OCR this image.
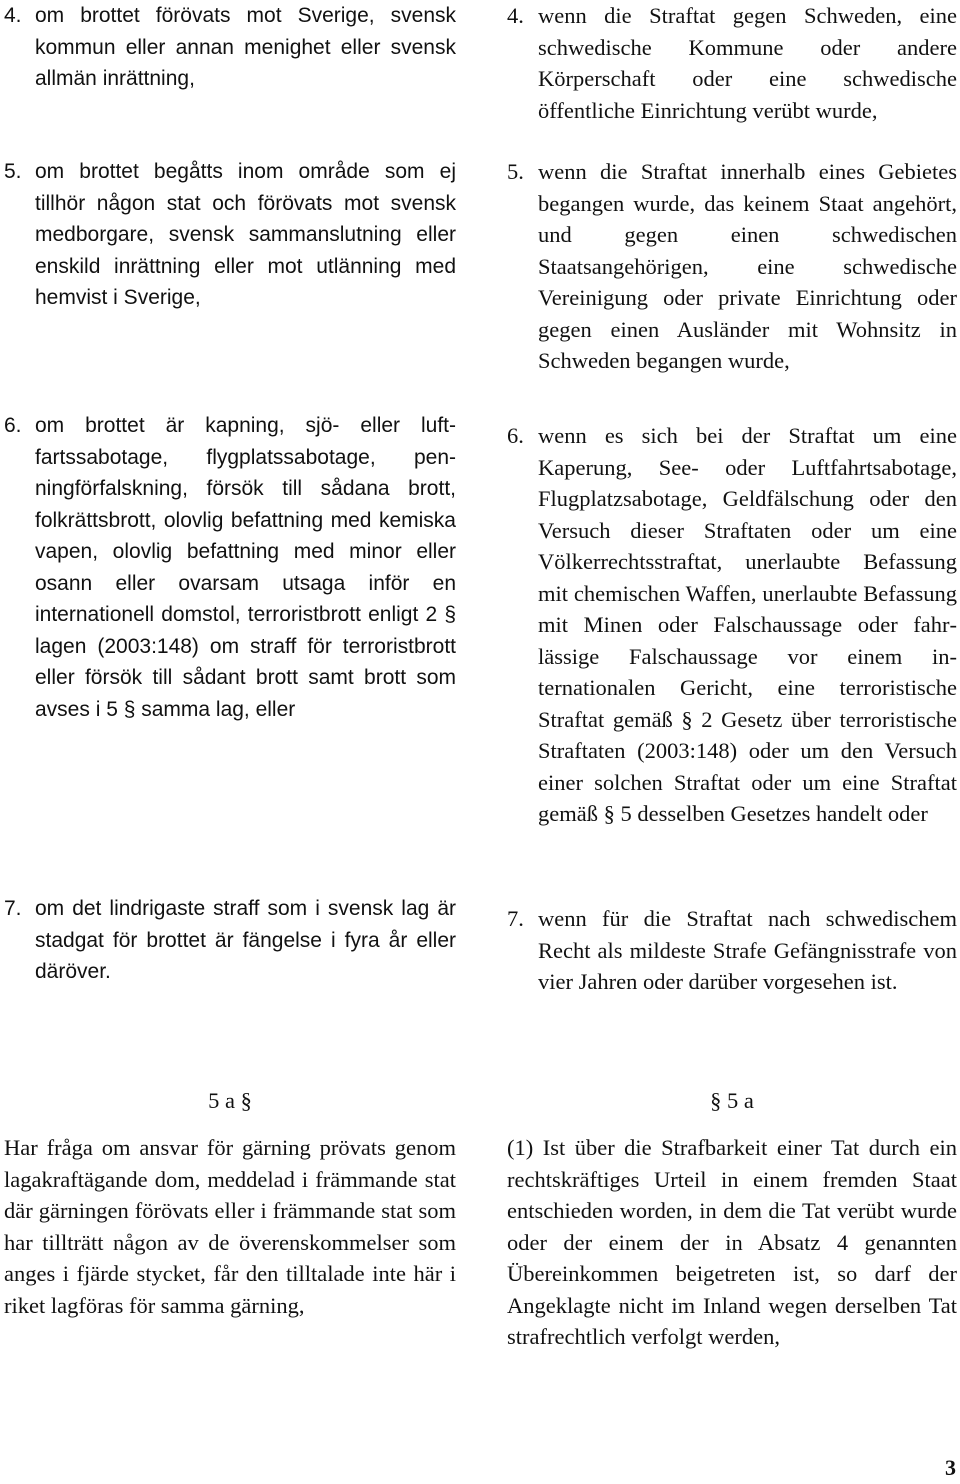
4. om brottet förövats mot Sverige, svensk kommun eller annan menighet eller svensk allmän inrättning,
5. om brottet begåtts inom område som ej tillhör någon stat och förövats mot svensk medborgare, svensk sammanslutning eller enskild inrättning eller mot utlänning med hemvist i Sverige,
6. om brottet är kapning, sjö- eller luftfartssabotage, flygplatssabotage, penningförfalskning, försök till sådana brott, folkrättsbrott, olovlig befattning med kemiska vapen, olovlig befattning med minor eller osann eller ovarsam utsaga inför en internationell domstol, terroristbrott enligt 2 § lagen (2003:148) om straff för terroristbrott eller försök till sådant brott samt brott som avses i 5 § samma lag, eller
7. om det lindrigaste straff som i svensk lag är stadgat för brottet är fängelse i fyra år eller däröver.
5 a §
Har fråga om ansvar för gärning prövats genom lagakraftägande dom, meddelad i främmande stat där gärningen förövats eller i främmande stat som har tillträtt någon av de överenskommelser som anges i fjärde stycket, får den tilltalade inte här i riket lagföras för samma gärning,
4. wenn die Straftat gegen Schweden, eine schwedische Kommune oder andere Körperschaft oder eine schwedische öffentliche Einrichtung verübt wurde,
5. wenn die Straftat innerhalb eines Gebietes begangen wurde, das keinem Staat angehört, und gegen einen schwedischen Staatsangehörigen, eine schwedische Vereinigung oder private Einrichtung oder gegen einen Ausländer mit Wohnsitz in Schweden begangen wurde,
6. wenn es sich bei der Straftat um eine Kaperung, See- oder Luftfahrtsabotage, Flugplatzsabotage, Geldfälschung oder den Versuch dieser Straftaten oder um eine Völkerrechtsstraftat, unerlaubte Befassung mit chemischen Waffen, unerlaubte Befassung mit Minen oder Falschaussage oder fahrlässige Falschaussage vor einem internationalen Gericht, eine terroristische Straftat gemäß § 2 Gesetz über terroristische Straftaten (2003:148) oder um den Versuch einer solchen Straftat oder um eine Straftat gemäß § 5 desselben Gesetzes handelt oder
7. wenn für die Straftat nach schwedischem Recht als mildeste Strafe Gefängnisstrafe von vier Jahren oder darüber vorgesehen ist.
§ 5 a
(1) Ist über die Strafbarkeit einer Tat durch ein rechtskräftiges Urteil in einem fremden Staat entschieden worden, in dem die Tat verübt wurde oder der einem der in Absatz 4 genannten Übereinkommen beigetreten ist, so darf der Angeklagte nicht im Inland wegen derselben Tat strafrechtlich verfolgt werden,
3
